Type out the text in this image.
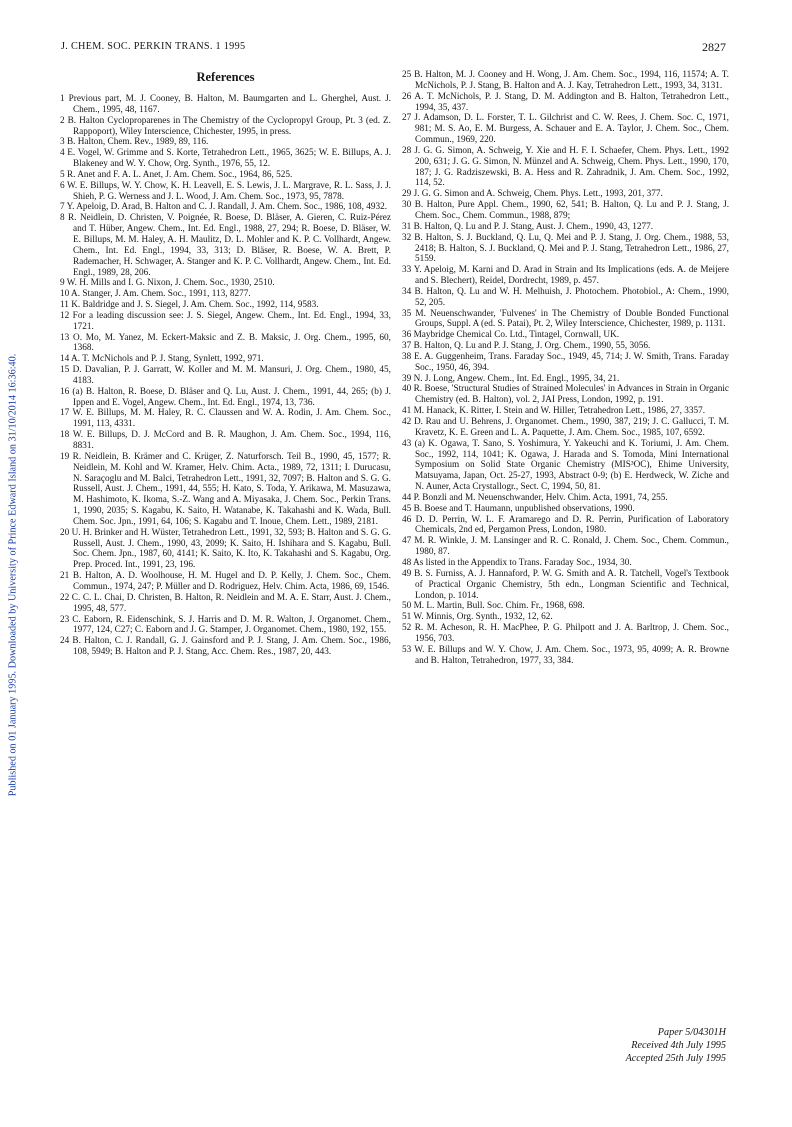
Published on 01 January 1995. Downloaded by University of Prince Edward Island on 31/10/2014 16:36:40.
J. CHEM. SOC. PERKIN TRANS. 1 1995	2827
References

1 Previous part, M. J. Cooney, B. Halton, M. Baumgarten and L. Gherghel, Aust. J. Chem., 1995, 48, 1167.

2 B. Halton Cycloproparenes in The Chemistry of the Cyclopropyl Group, Pt. 3 (ed. Z. Rappoport), Wiley Interscience, Chichester, 1995, in press.

3 B. Halton, Chem. Rev., 1989, 89, 116.

4 E. Vogel, W. Grimme and S. Korte, Tetrahedron Lett., 1965, 3625; W. E. Billups, A. J. Blakeney and W. Y. Chow, Org. Synth., 1976, 55, 12.

5 R. Anet and F. A. L. Anet, J. Am. Chem. Soc., 1964, 86, 525.

6 W. E. Billups, W. Y. Chow, K. H. Leavell, E. S. Lewis, J. L. Margrave, R. L. Sass, J. J. Shieh, P. G. Werness and J. L. Wood, J. Am. Chem. Soc., 1973, 95, 7878.

7 Y. Apeloig, D. Arad, B. Halton and C. J. Randall, J. Am. Chem. Soc., 1986, 108, 4932.

8 R. Neidlein, D. Christen, V. Poignée, R. Boese, D. Bläser, A. Gieren, C. Ruiz-Pérez and T. Hüber, Angew. Chem., Int. Ed. Engl., 1988, 27, 294; R. Boese, D. Bläser, W. E. Billups, M. M. Haley, A. H. Maulitz, D. L. Mohler and K. P. C. Vollhardt, Angew. Chem., Int. Ed. Engl., 1994, 33, 313; D. Bläser, R. Boese, W. A. Brett, P. Rademacher, H. Schwager, A. Stanger and K. P. C. Vollhardt, Angew. Chem., Int. Ed. Engl., 1989, 28, 206.

9 W. H. Mills and I. G. Nixon, J. Chem. Soc., 1930, 2510.

10 A. Stanger, J. Am. Chem. Soc., 1991, 113, 8277.

11 K. Baldridge and J. S. Siegel, J. Am. Chem. Soc., 1992, 114, 9583.

12 For a leading discussion see: J. S. Siegel, Angew. Chem., Int. Ed. Engl., 1994, 33, 1721.

13 O. Mo, M. Yanez, M. Eckert-Maksic and Z. B. Maksic, J. Org. Chem., 1995, 60, 1368.

14 A. T. McNichols and P. J. Stang, Synlett, 1992, 971.

15 D. Davalian, P. J. Garratt, W. Koller and M. M. Mansuri, J. Org. Chem., 1980, 45, 4183.

16 (a) B. Halton, R. Boese, D. Bläser and Q. Lu, Aust. J. Chem., 1991, 44, 265; (b) J. Ippen and E. Vogel, Angew. Chem., Int. Ed. Engl., 1974, 13, 736.

17 W. E. Billups, M. M. Haley, R. C. Claussen and W. A. Rodin, J. Am. Chem. Soc., 1991, 113, 4331.

18 W. E. Billups, D. J. McCord and B. R. Maughon, J. Am. Chem. Soc., 1994, 116, 8831.

19 R. Neidlein, B. Krämer and C. Krüger, Z. Naturforsch. Teil B., 1990, 45, 1577; R. Neidlein, M. Kohl and W. Kramer, Helv. Chim. Acta., 1989, 72, 1311; I. Durucasu, N. Saraçoglu and M. Balci, Tetrahedron Lett., 1991, 32, 7097; B. Halton and S. G. G. Russell, Aust. J. Chem., 1991, 44, 555; H. Kato, S. Toda, Y. Arikawa, M. Masuzawa, M. Hashimoto, K. Ikoma, S.-Z. Wang and A. Miyasaka, J. Chem. Soc., Perkin Trans. 1, 1990, 2035; S. Kagabu, K. Saito, H. Watanabe, K. Takahashi and K. Wada, Bull. Chem. Soc. Jpn., 1991, 64, 106; S. Kagabu and T. Inoue, Chem. Lett., 1989, 2181.

20 U. H. Brinker and H. Wüster, Tetrahedron Lett., 1991, 32, 593; B. Halton and S. G. G. Russell, Aust. J. Chem., 1990, 43, 2099; K. Saito, H. Ishihara and S. Kagabu, Bull. Soc. Chem. Jpn., 1987, 60, 4141; K. Saito, K. Ito, K. Takahashi and S. Kagabu, Org. Prep. Proced. Int., 1991, 23, 196.

21 B. Halton, A. D. Woolhouse, H. M. Hugel and D. P. Kelly, J. Chem. Soc., Chem. Commun., 1974, 247; P. Müller and D. Rodriguez, Helv. Chim. Acta, 1986, 69, 1546.

22 C. C. L. Chai, D. Christen, B. Halton, R. Neidlein and M. A. E. Starr, Aust. J. Chem., 1995, 48, 577.

23 C. Eaborn, R. Eidenschink, S. J. Harris and D. M. R. Walton, J. Organomet. Chem., 1977, 124, C27; C. Eaborn and J. G. Stamper, J. Organomet. Chem., 1980, 192, 155.

24 B. Halton, C. J. Randall, G. J. Gainsford and P. J. Stang, J. Am. Chem. Soc., 1986, 108, 5949; B. Halton and P. J. Stang, Acc. Chem. Res., 1987, 20, 443.

25 B. Halton, M. J. Cooney and H. Wong, J. Am. Chem. Soc., 1994, 116, 11574; A. T. McNichols, P. J. Stang, B. Halton and A. J. Kay, Tetrahedron Lett., 1993, 34, 3131.

26 A. T. McNichols, P. J. Stang, D. M. Addington and B. Halton, Tetrahedron Lett., 1994, 35, 437.

27 J. Adamson, D. L. Forster, T. L. Gilchrist and C. W. Rees, J. Chem. Soc. C, 1971, 981; M. S. Ao, E. M. Burgess, A. Schauer and E. A. Taylor, J. Chem. Soc., Chem. Commun., 1969, 220.

28 J. G. G. Simon, A. Schweig, Y. Xie and H. F. I. Schaefer, Chem. Phys. Lett., 1992 200, 631; J. G. G. Simon, N. Münzel and A. Schweig, Chem. Phys. Lett., 1990, 170, 187; J. G. Radziszewski, B. A. Hess and R. Zahradnik, J. Am. Chem. Soc., 1992, 114, 52.

29 J. G. G. Simon and A. Schweig, Chem. Phys. Lett., 1993, 201, 377.

30 B. Halton, Pure Appl. Chem., 1990, 62, 541; B. Halton, Q. Lu and P. J. Stang, J. Chem. Soc., Chem. Commun., 1988, 879;

31 B. Halton, Q. Lu and P. J. Stang, Aust. J. Chem., 1990, 43, 1277.

32 B. Halton, S. J. Buckland, Q. Lu, Q. Mei and P. J. Stang, J. Org. Chem., 1988, 53, 2418; B. Halton, S. J. Buckland, Q. Mei and P. J. Stang, Tetrahedron Lett., 1986, 27, 5159.

33 Y. Apeloig, M. Karni and D. Arad in Strain and Its Implications (eds. A. de Meijere and S. Blechert), Reidel, Dordrecht, 1989, p. 457.

34 B. Halton, Q. Lu and W. H. Melhuish, J. Photochem. Photobiol., A: Chem., 1990, 52, 205.

35 M. Neuenschwander, 'Fulvenes' in The Chemistry of Double Bonded Functional Groups, Suppl. A (ed. S. Patai), Pt. 2, Wiley Interscience, Chichester, 1989, p. 1131.

36 Maybridge Chemical Co. Ltd., Tintagel, Cornwall, UK.

37 B. Halton, Q. Lu and P. J. Stang, J. Org. Chem., 1990, 55, 3056.

38 E. A. Guggenheim, Trans. Faraday Soc., 1949, 45, 714; J. W. Smith, Trans. Faraday Soc., 1950, 46, 394.

39 N. J. Long, Angew. Chem., Int. Ed. Engl., 1995, 34, 21.

40 R. Boese, 'Structural Studies of Strained Molecules' in Advances in Strain in Organic Chemistry (ed. B. Halton), vol. 2, JAI Press, London, 1992, p. 191.

41 M. Hanack, K. Ritter, I. Stein and W. Hiller, Tetrahedron Lett., 1986, 27, 3357.

42 D. Rau and U. Behrens, J. Organomet. Chem., 1990, 387, 219; J. C. Gallucci, T. M. Kravetz, K. E. Green and L. A. Paquette, J. Am. Chem. Soc., 1985, 107, 6592.

43 (a) K. Ogawa, T. Sano, S. Yoshimura, Y. Yakeuchi and K. Toriumi, J. Am. Chem. Soc., 1992, 114, 1041; K. Ogawa, J. Harada and S. Tomoda, Mini International Symposium on Solid State Organic Chemistry (MIS³OC), Ehime University, Matsuyama, Japan, Oct. 25-27, 1993, Abstract 0-9; (b) E. Herdweck, W. Ziche and N. Auner, Acta Crystallogr., Sect. C, 1994, 50, 81.

44 P. Bonzli and M. Neuenschwander, Helv. Chim. Acta, 1991, 74, 255.

45 B. Boese and T. Haumann, unpublished observations, 1990.

46 D. D. Perrin, W. L. F. Aramarego and D. R. Perrin, Purification of Laboratory Chemicals, 2nd ed, Pergamon Press, London, 1980.

47 M. R. Winkle, J. M. Lansinger and R. C. Ronald, J. Chem. Soc., Chem. Commun., 1980, 87.

48 As listed in the Appendix to Trans. Faraday Soc., 1934, 30.

49 B. S. Furniss, A. J. Hannaford, P. W. G. Smith and A. R. Tatchell, Vogel's Textbook of Practical Organic Chemistry, 5th edn., Longman Scientific and Technical, London, p. 1014.

50 M. L. Martin, Bull. Soc. Chim. Fr., 1968, 698.

51 W. Minnis, Org. Synth., 1932, 12, 62.

52 R. M. Acheson, R. H. MacPhee, P. G. Philpott and J. A. Barltrop, J. Chem. Soc., 1956, 703.

53 W. E. Billups and W. Y. Chow, J. Am. Chem. Soc., 1973, 95, 4099; A. R. Browne and B. Halton, Tetrahedron, 1977, 33, 384.

Paper 5/04301H
Received 4th July 1995
Accepted 25th July 1995
